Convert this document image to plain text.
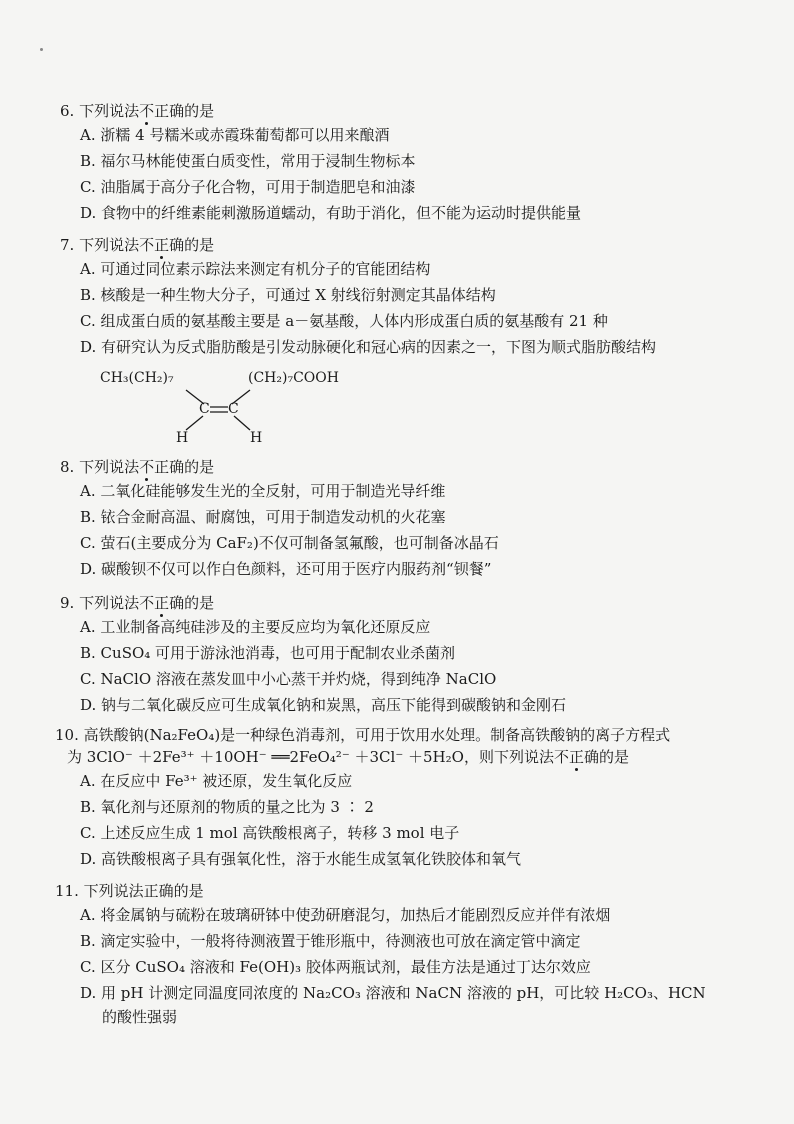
6. 下列说法不正确的是
A. 浙糯 4 号糯米或赤霞珠葡萄都可以用来酿酒
B. 福尔马林能使蛋白质变性，常用于浸制生物标本
C. 油脂属于高分子化合物，可用于制造肥皂和油漆
D. 食物中的纤维素能刺激肠道蠕动，有助于消化，但不能为运动时提供能量
7. 下列说法不正确的是
A. 可通过同位素示踪法来测定有机分子的官能团结构
B. 核酸是一种生物大分子，可通过 X 射线衍射测定其晶体结构
C. 组成蛋白质的氨基酸主要是 a－氨基酸，人体内形成蛋白质的氨基酸有 21 种
D. 有研究认为反式脂肪酸是引发动脉硬化和冠心病的因素之一，下图为顺式脂肪酸结构
CH₃(CH₂)₇	(CH₂)₇COOH
C C
H	H
8. 下列说法不正确的是
A. 二氧化硅能够发生光的全反射，可用于制造光导纤维
B. 铱合金耐高温、耐腐蚀，可用于制造发动机的火花塞
C. 萤石(主要成分为 CaF₂)不仅可制备氢氟酸，也可制备冰晶石
D. 碳酸钡不仅可以作白色颜料，还可用于医疗内服药剂“钡餐”
9. 下列说法不正确的是
A. 工业制备高纯硅涉及的主要反应均为氧化还原反应
B. CuSO₄ 可用于游泳池消毒，也可用于配制农业杀菌剂
C. NaClO 溶液在蒸发皿中小心蒸干并灼烧，得到纯净 NaClO
D. 钠与二氧化碳反应可生成氧化钠和炭黑，高压下能得到碳酸钠和金刚石
10. 高铁酸钠(Na₂FeO₄)是一种绿色消毒剂，可用于饮用水处理。制备高铁酸钠的离子方程式
为 3ClO⁻ ＋2Fe³⁺ ＋10OH⁻ ══2FeO₄²⁻ ＋3Cl⁻ ＋5H₂O，则下列说法不正确的是
A. 在反应中 Fe³⁺ 被还原，发生氧化反应
B. 氧化剂与还原剂的物质的量之比为 3 ∶ 2
C. 上述反应生成 1 mol 高铁酸根离子，转移 3 mol 电子
D. 高铁酸根离子具有强氧化性，溶于水能生成氢氧化铁胶体和氧气
11. 下列说法正确的是
A. 将金属钠与硫粉在玻璃研钵中使劲研磨混匀，加热后才能剧烈反应并伴有浓烟
B. 滴定实验中，一般将待测液置于锥形瓶中，待测液也可放在滴定管中滴定
C. 区分 CuSO₄ 溶液和 Fe(OH)₃ 胶体两瓶试剂，最佳方法是通过丁达尔效应
D. 用 pH 计测定同温度同浓度的 Na₂CO₃ 溶液和 NaCN 溶液的 pH，可比较 H₂CO₃、HCN
的酸性强弱
